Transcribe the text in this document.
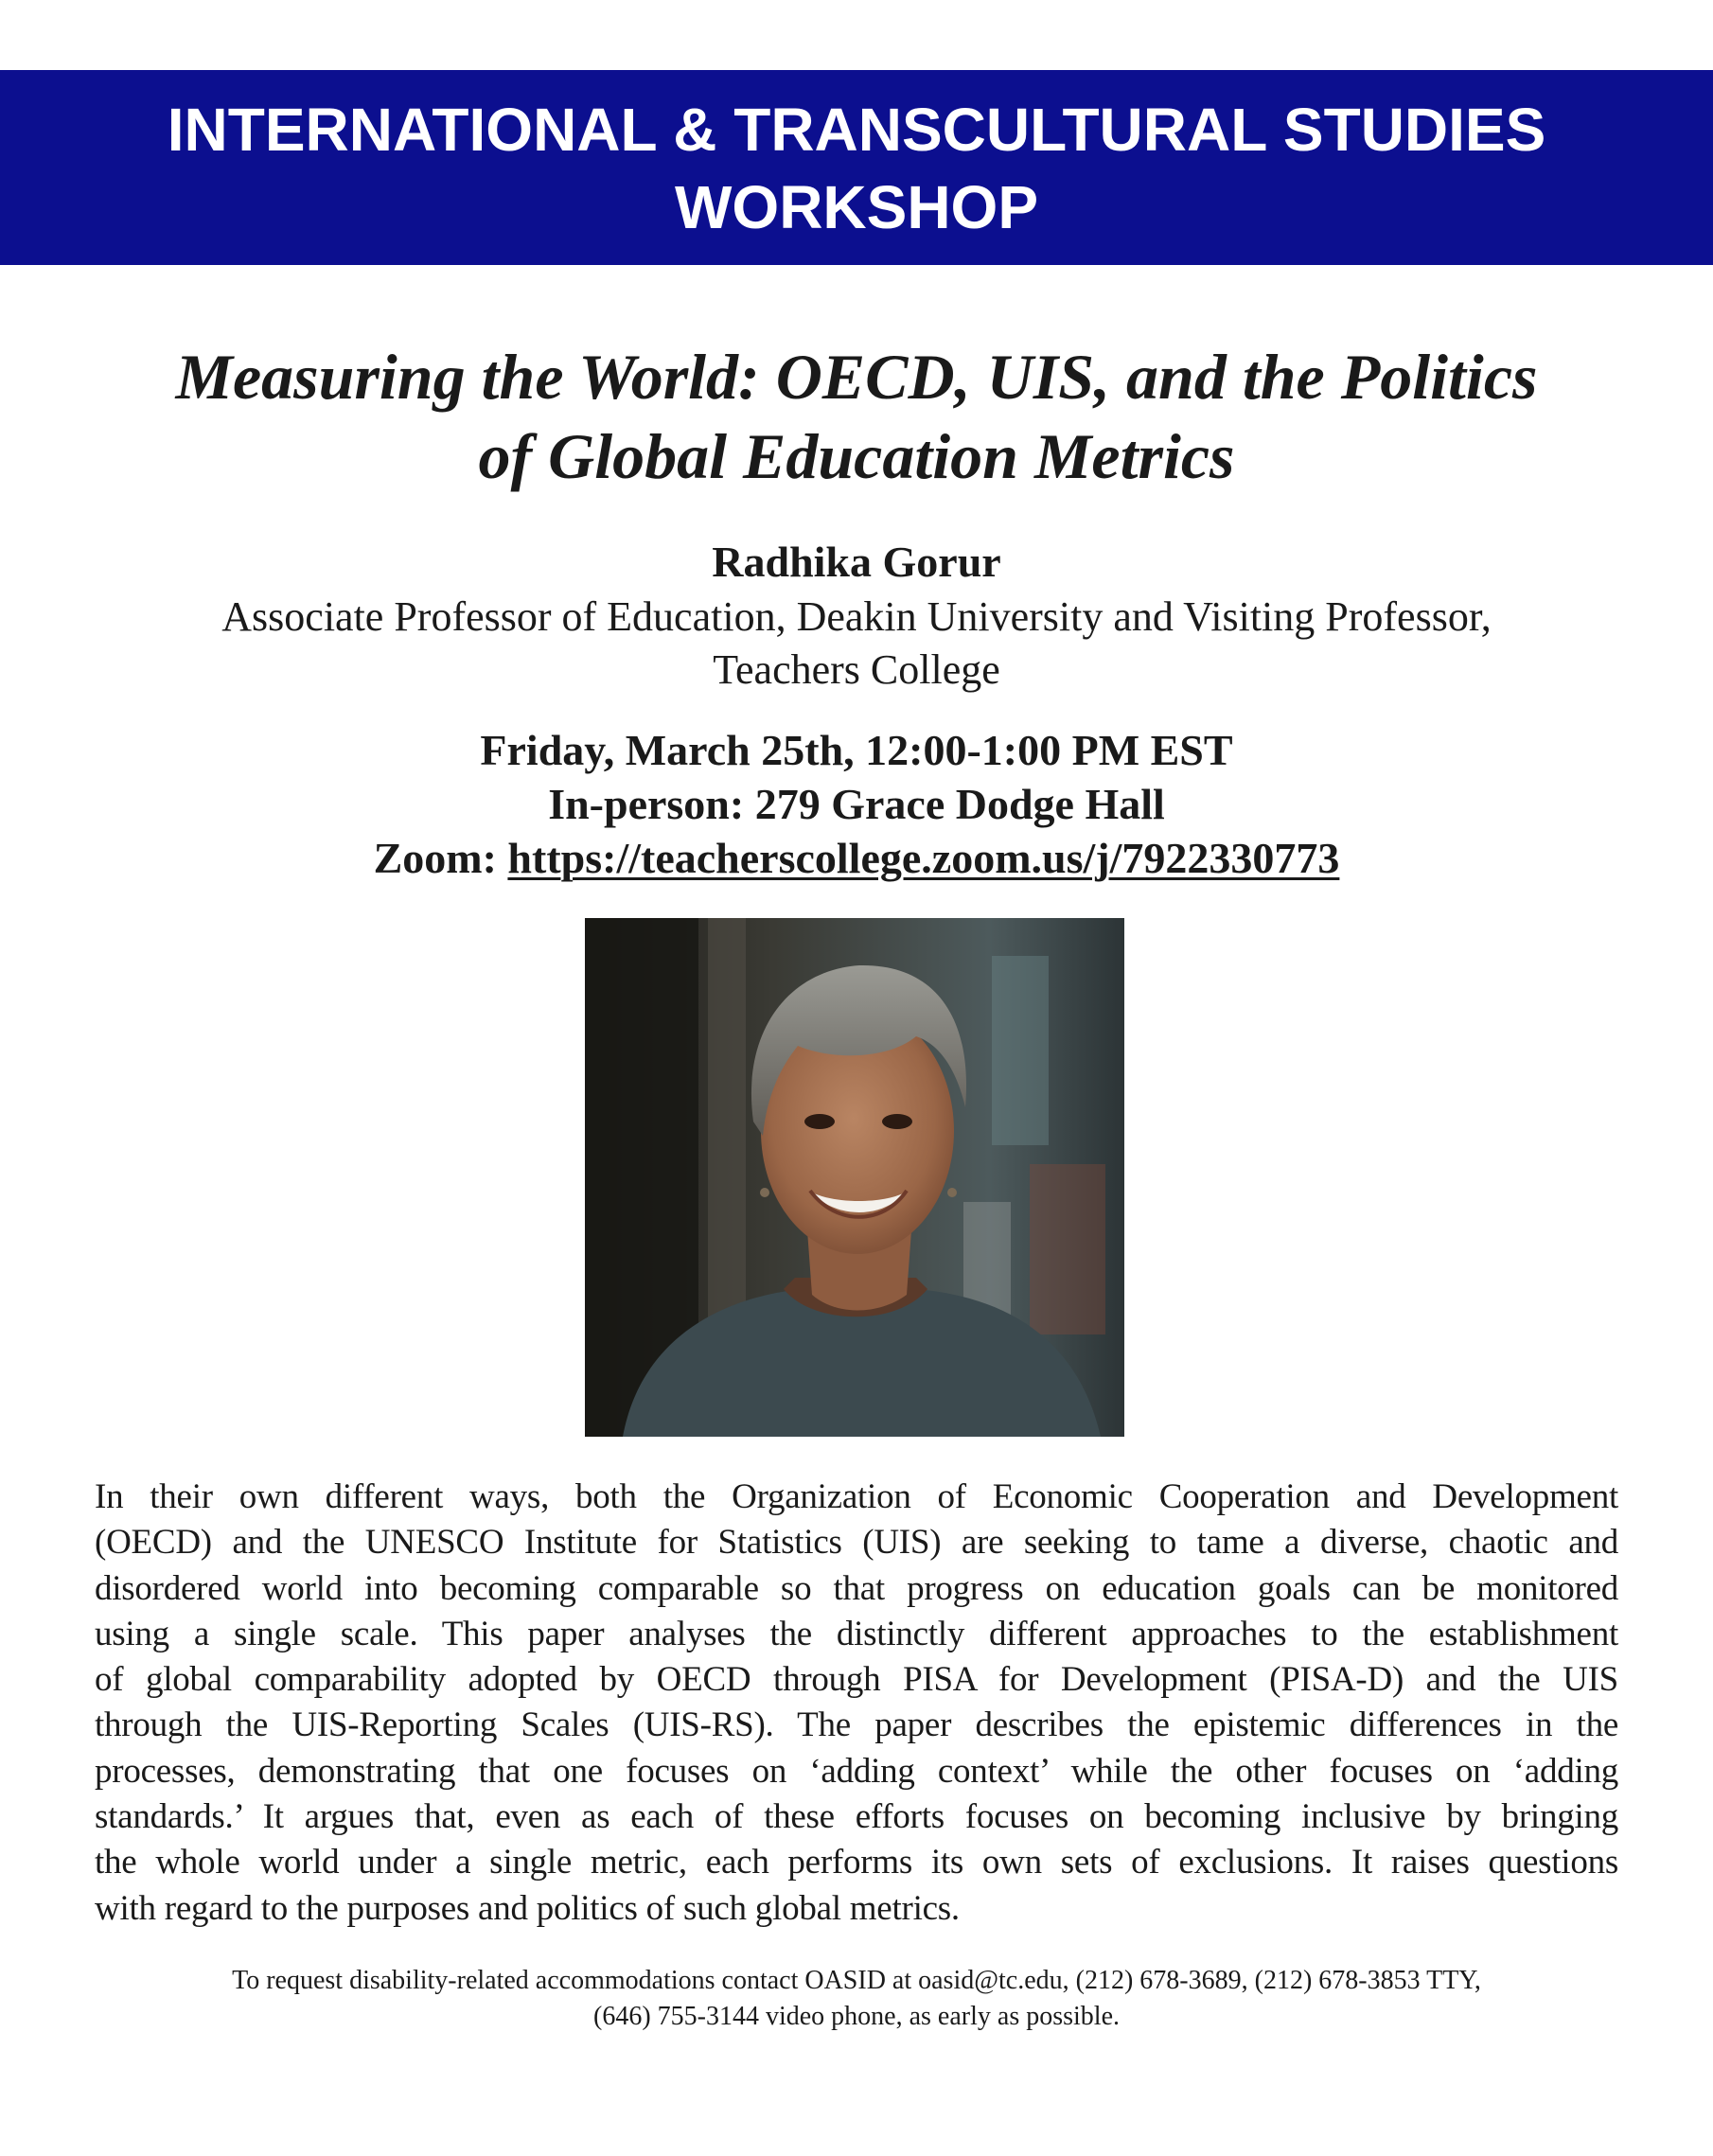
INTERNATIONAL & TRANSCULTURAL STUDIES
WORKSHOP
Measuring the World: OECD, UIS, and the Politics
of Global Education Metrics
Radhika Gorur
Associate Professor of Education, Deakin University and Visiting Professor,
Teachers College
Friday, March 25th, 12:00-1:00 PM EST
In-person: 279 Grace Dodge Hall
Zoom: https://teacherscollege.zoom.us/j/7922330773
In their own different ways, both the Organization of Economic Cooperation and Development
(OECD) and the UNESCO Institute for Statistics (UIS) are seeking to tame a diverse, chaotic and
disordered world into becoming comparable so that progress on education goals can be monitored
using a single scale. This paper analyses the distinctly different approaches to the establishment
of global comparability adopted by OECD through PISA for Development (PISA-D) and the UIS
through the UIS-Reporting Scales (UIS-RS). The paper describes the epistemic differences in the
processes, demonstrating that one focuses on ‘adding context’ while the other focuses on ‘adding
standards.’ It argues that, even as each of these efforts focuses on becoming inclusive by bringing
the whole world under a single metric, each performs its own sets of exclusions. It raises questions
with regard to the purposes and politics of such global metrics.
To request disability-related accommodations contact OASID at oasid@tc.edu, (212) 678-3689, (212) 678-3853 TTY,
(646) 755-3144 video phone, as early as possible.
